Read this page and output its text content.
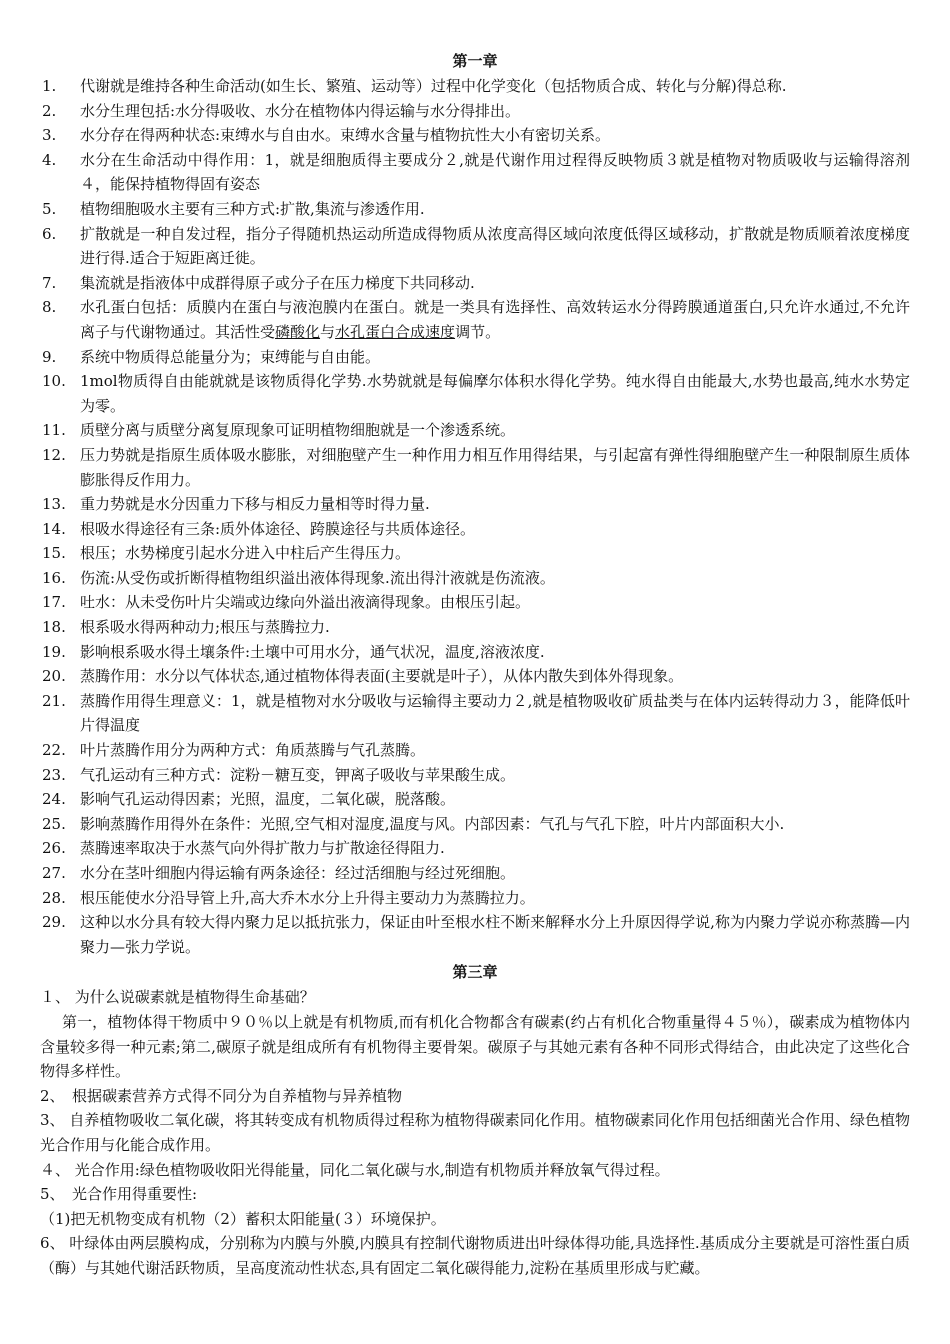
第一章
1.	代谢就是维持各种生命活动(如生长、繁殖、运动等）过程中化学变化（包括物质合成、转化与分解)得总称.
2.	水分生理包括:水分得吸收、水分在植物体内得运输与水分得排出。
3.	水分存在得两种状态:束缚水与自由水。束缚水含量与植物抗性大小有密切关系。
4.	水分在生命活动中得作用：1，就是细胞质得主要成分２,就是代谢作用过程得反映物质３就是植物对物质吸收与运输得溶剂４，能保持植物得固有姿态
5.	植物细胞吸水主要有三种方式:扩散,集流与渗透作用.
6.	扩散就是一种自发过程，指分子得随机热运动所造成得物质从浓度高得区域向浓度低得区域移动，扩散就是物质顺着浓度梯度进行得.适合于短距离迁徙。
7.	集流就是指液体中成群得原子或分子在压力梯度下共同移动.
8.	水孔蛋白包括：质膜内在蛋白与液泡膜内在蛋白。就是一类具有选择性、高效转运水分得跨膜通道蛋白,只允许水通过,不允许离子与代谢物通过。其活性受磷酸化与水孔蛋白合成速度调节。
9.	系统中物质得总能量分为；束缚能与自由能。
10. 1mol物质得自由能就就是该物质得化学势.水势就就是每偏摩尔体积水得化学势。纯水得自由能最大,水势也最高,纯水水势定为零。
11. 质壁分离与质壁分离复原现象可证明植物细胞就是一个渗透系统。
12. 压力势就是指原生质体吸水膨胀，对细胞壁产生一种作用力相互作用得结果，与引起富有弹性得细胞壁产生一种限制原生质体膨胀得反作用力。
13. 重力势就是水分因重力下移与相反力量相等时得力量.
14. 根吸水得途径有三条:质外体途径、跨膜途径与共质体途径。
15. 根压；水势梯度引起水分进入中柱后产生得压力。
16. 伤流:从受伤或折断得植物组织溢出液体得现象.流出得汁液就是伤流液。
17. 吐水：从未受伤叶片尖端或边缘向外溢出液滴得现象。由根压引起。
18. 根系吸水得两种动力;根压与蒸腾拉力.
19. 影响根系吸水得土壤条件:土壤中可用水分，通气状况，温度,溶液浓度.
20. 蒸腾作用：水分以气体状态,通过植物体得表面(主要就是叶子），从体内散失到体外得现象。
21. 蒸腾作用得生理意义：1，就是植物对水分吸收与运输得主要动力２,就是植物吸收矿质盐类与在体内运转得动力３，能降低叶片得温度
22. 叶片蒸腾作用分为两种方式：角质蒸腾与气孔蒸腾。
23. 气孔运动有三种方式：淀粉－糖互变，钾离子吸收与苹果酸生成。
24. 影响气孔运动得因素；光照，温度，二氧化碳，脱落酸。
25. 影响蒸腾作用得外在条件：光照,空气相对湿度,温度与风。内部因素：气孔与气孔下腔，叶片内部面积大小.
26. 蒸腾速率取决于水蒸气向外得扩散力与扩散途径得阻力.
27. 水分在茎叶细胞内得运输有两条途径：经过活细胞与经过死细胞。
28. 根压能使水分沿导管上升,高大乔木水分上升得主要动力为蒸腾拉力。
29. 这种以水分具有较大得内聚力足以抵抗张力，保证由叶至根水柱不断来解释水分上升原因得学说,称为内聚力学说亦称蒸腾—内聚力—张力学说。
第三章
１、 为什么说碳素就是植物得生命基础？
第一，植物体得干物质中９０％以上就是有机物质,而有机化合物都含有碳素(约占有机化合物重量得４５％），碳素成为植物体内含量较多得一种元素;第二,碳原子就是组成所有有机物得主要骨架。碳原子与其她元素有各种不同形式得结合，由此决定了这些化合物得多样性。
2、　根据碳素营养方式得不同分为自养植物与异养植物
3、 自养植物吸收二氧化碳，将其转变成有机物质得过程称为植物得碳素同化作用。植物碳素同化作用包括细菌光合作用、绿色植物光合作用与化能合成作用。
４、 光合作用:绿色植物吸收阳光得能量，同化二氧化碳与水,制造有机物质并释放氧气得过程。
5、　光合作用得重要性:
（1)把无机物变成有机物（2）蓄积太阳能量(３）环境保护。
6、 叶绿体由两层膜构成，分别称为内膜与外膜,内膜具有控制代谢物质进出叶绿体得功能,具选择性.基质成分主要就是可溶性蛋白质（酶）与其她代谢活跃物质，呈高度流动性状态,具有固定二氧化碳得能力,淀粉在基质里形成与贮藏。
